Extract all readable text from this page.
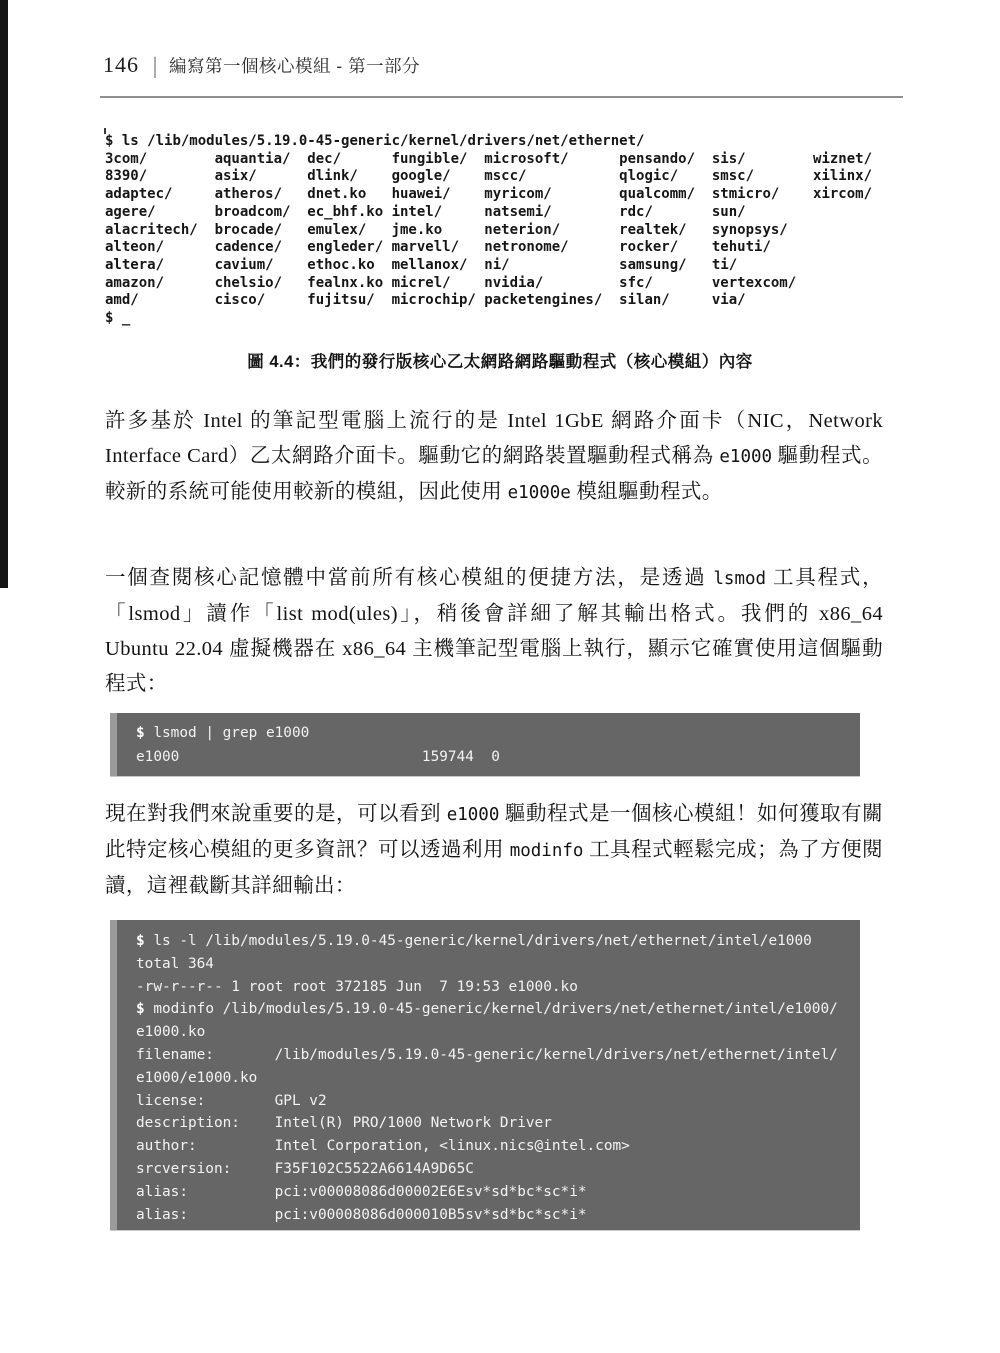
146 | 編寫第一個核心模組 - 第一部分
$ ls /lib/modules/5.19.0-45-generic/kernel/drivers/net/ethernet/
3com/        aquantia/  dec/      fungible/  microsoft/      pensando/  sis/        wiznet/
8390/        asix/      dlink/    google/    mscc/           qlogic/    smsc/       xilinx/
adaptec/     atheros/   dnet.ko   huawei/    myricom/        qualcomm/  stmicro/    xircom/
agere/       broadcom/  ec_bhf.ko intel/     natsemi/        rdc/       sun/
alacritech/  brocade/   emulex/   jme.ko     neterion/       realtek/   synopsys/
alteon/      cadence/   engleder/ marvell/   netronome/      rocker/    tehuti/
altera/      cavium/    ethoc.ko  mellanox/  ni/             samsung/   ti/
amazon/      chelsio/   fealnx.ko micrel/    nvidia/         sfc/       vertexcom/
amd/         cisco/     fujitsu/  microchip/ packetengines/  silan/     via/
$ _
圖 4.4：我們的發行版核心乙太網路網路驅動程式（核心模組）內容

許多基於 Intel 的筆記型電腦上流行的是 Intel 1GbE 網路介面卡（NIC，Network Interface Card）乙太網路介面卡。驅動它的網路裝置驅動程式稱為 e1000 驅動程式。較新的系統可能使用較新的模組，因此使用 e1000e 模組驅動程式。

一個查閱核心記憶體中當前所有核心模組的便捷方法，是透過 lsmod 工具程式，「lsmod」讀作「list mod(ules)」，稍後會詳細了解其輸出格式。我們的 x86_64 Ubuntu 22.04 虛擬機器在 x86_64 主機筆記型電腦上執行，顯示它確實使用這個驅動程式：

$ lsmod | grep e1000
e1000                            159744  0

現在對我們來說重要的是，可以看到 e1000 驅動程式是一個核心模組！如何獲取有關此特定核心模組的更多資訊？可以透過利用 modinfo 工具程式輕鬆完成；為了方便閱讀，這裡截斷其詳細輸出：

$ ls -l /lib/modules/5.19.0-45-generic/kernel/drivers/net/ethernet/intel/e1000
total 364
-rw-r--r-- 1 root root 372185 Jun  7 19:53 e1000.ko
$ modinfo /lib/modules/5.19.0-45-generic/kernel/drivers/net/ethernet/intel/e1000/
e1000.ko
filename:       /lib/modules/5.19.0-45-generic/kernel/drivers/net/ethernet/intel/
e1000/e1000.ko
license:        GPL v2
description:    Intel(R) PRO/1000 Network Driver
author:         Intel Corporation, <linux.nics@intel.com>
srcversion:     F35F102C5522A6614A9D65C
alias:          pci:v00008086d00002E6Esv*sd*bc*sc*i*
alias:          pci:v00008086d000010B5sv*sd*bc*sc*i*
